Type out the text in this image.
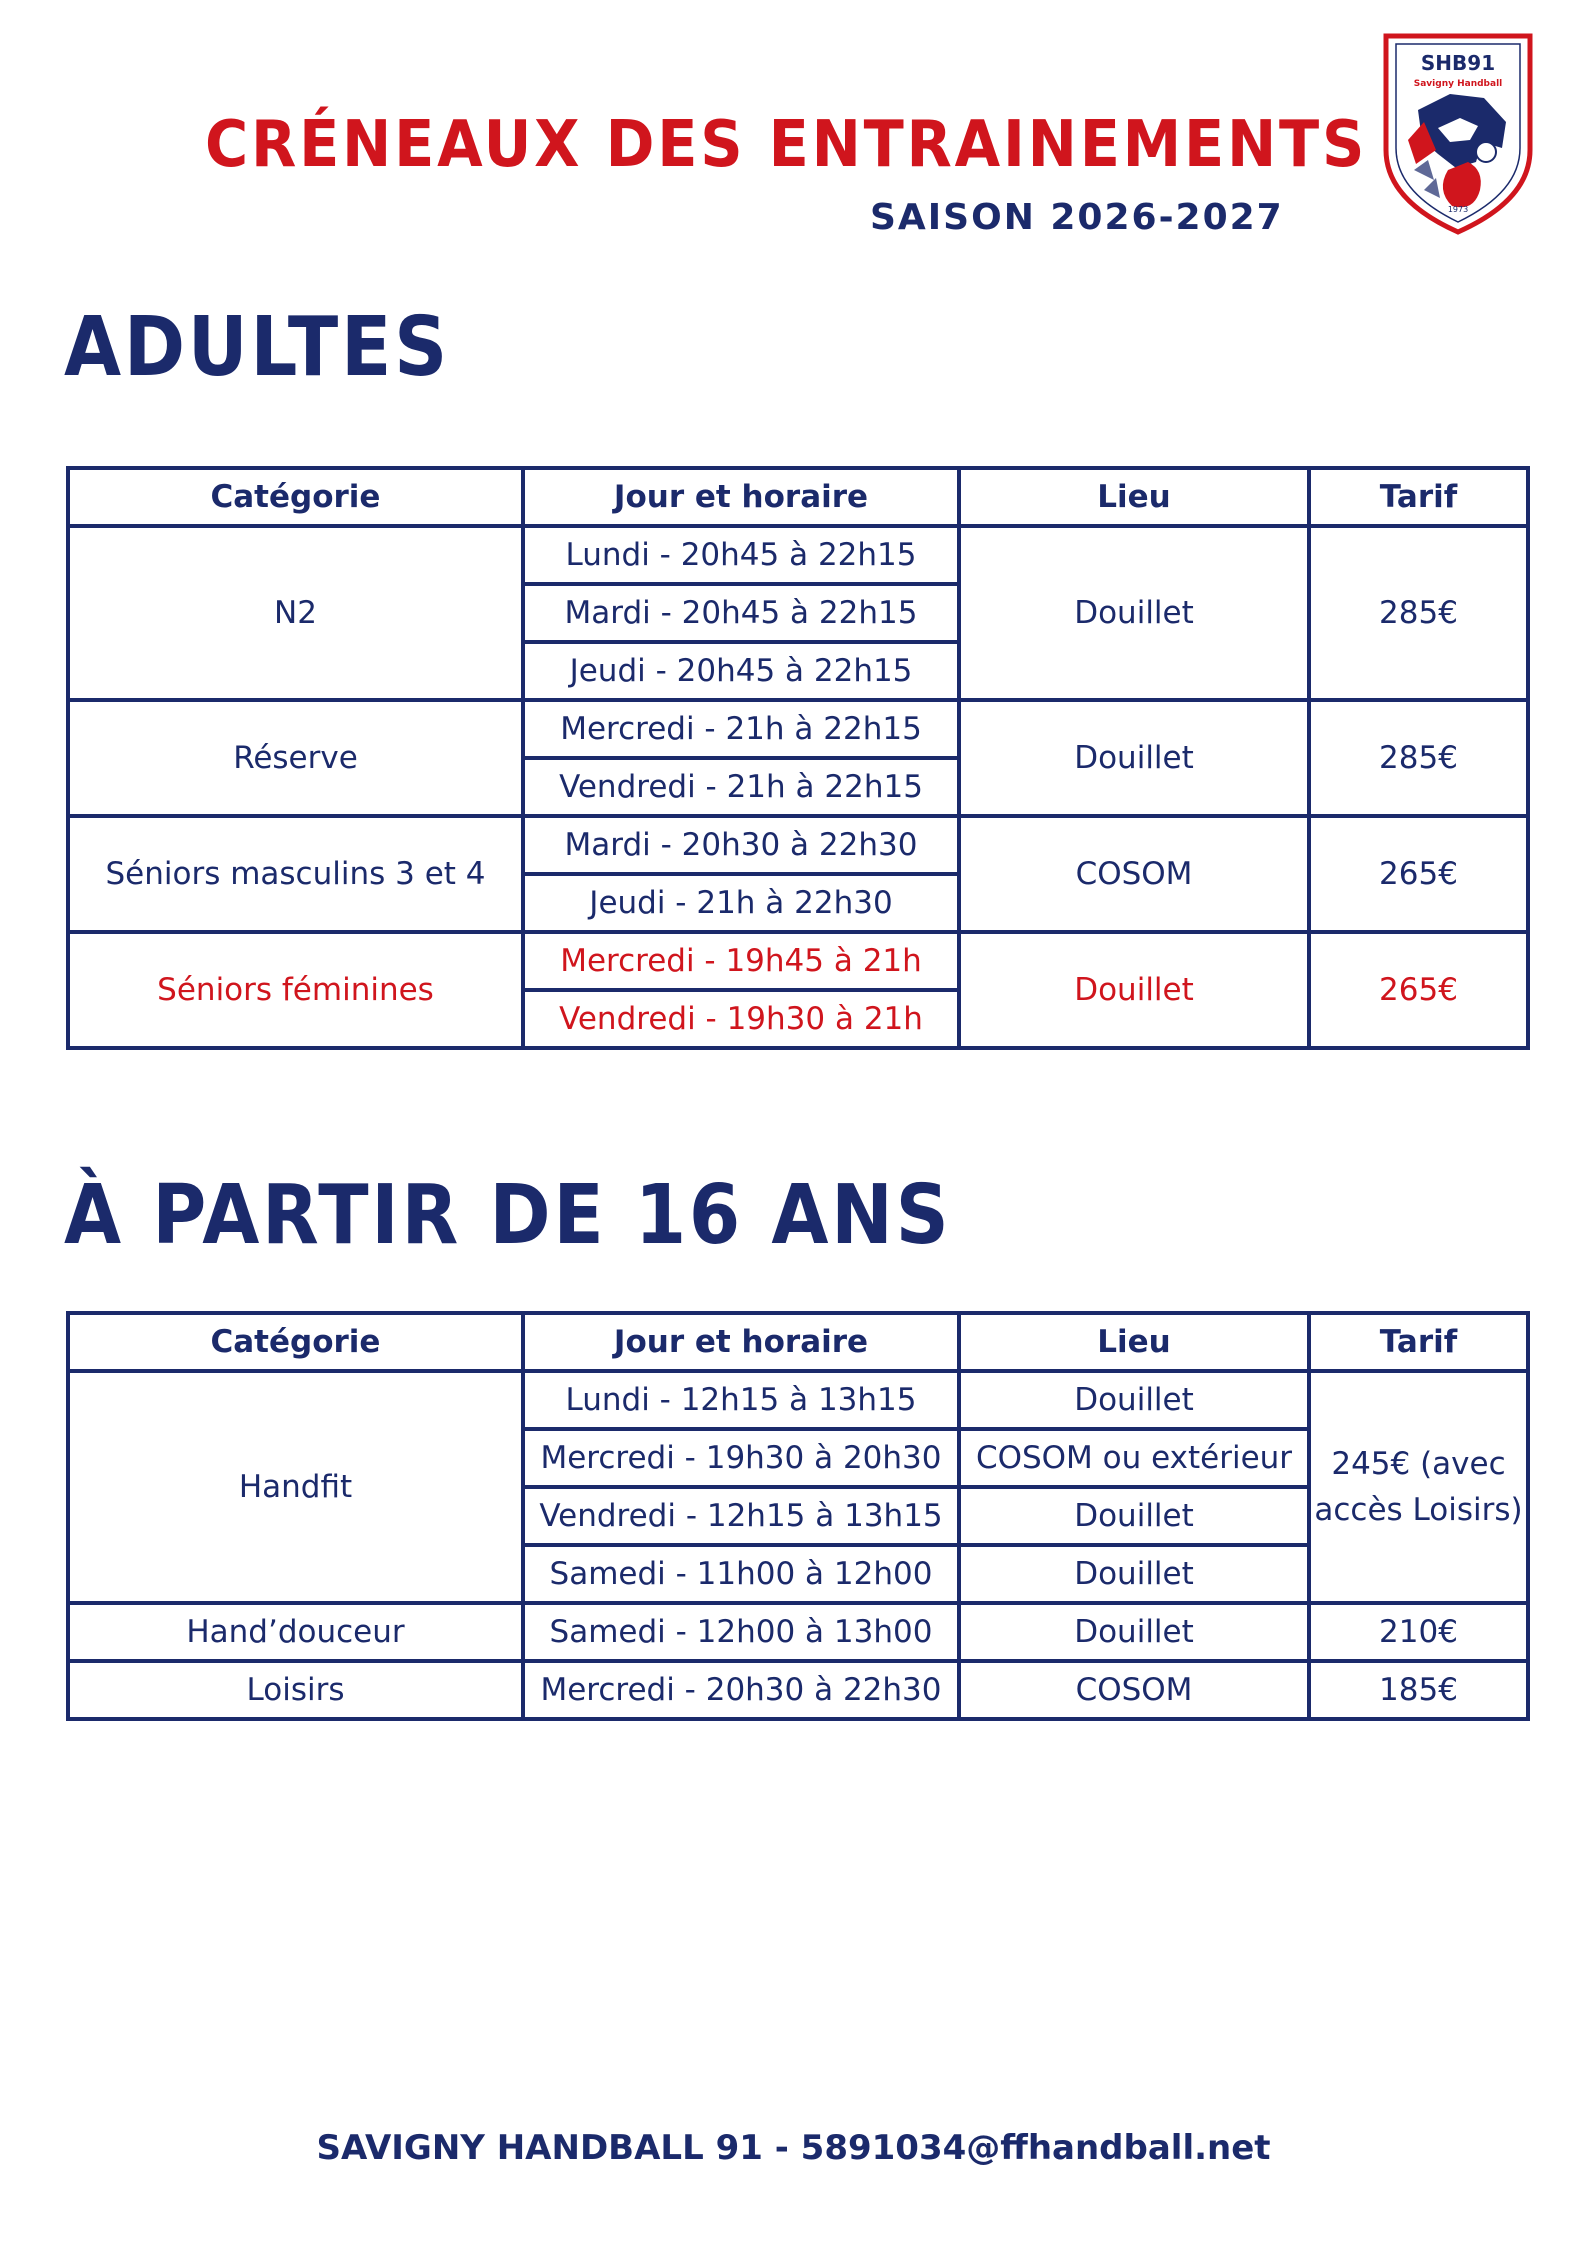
CRÉNEAUX DES ENTRAINEMENTS
SAISON 2026-2027
SHB91
Savigny Handball
1973
ADULTES
Catégorie	Jour et horaire	Lieu	Tarif
N2	Lundi - 20h45 à 22h15	Douillet	285€
	Mardi - 20h45 à 22h15		
	Jeudi - 20h45 à 22h15		
Réserve	Mercredi - 21h à 22h15	Douillet	285€
	Vendredi - 21h à 22h15		
Séniors masculins 3 et 4	Mardi - 20h30 à 22h30	COSOM	265€
	Jeudi - 21h à 22h30		
Séniors féminines	Mercredi - 19h45 à 21h	Douillet	265€
	Vendredi - 19h30 à 21h		
À PARTIR DE 16 ANS
Catégorie	Jour et horaire	Lieu	Tarif
Handfit	Lundi - 12h15 à 13h15	Douillet	245€ (avec accès Loisirs)
	Mercredi - 19h30 à 20h30	COSOM ou extérieur	
	Vendredi - 12h15 à 13h15	Douillet	
	Samedi - 11h00 à 12h00	Douillet	
Hand’douceur	Samedi - 12h00 à 13h00	Douillet	210€
Loisirs	Mercredi - 20h30 à 22h30	COSOM	185€
SAVIGNY HANDBALL 91 - 5891034@ffhandball.net
